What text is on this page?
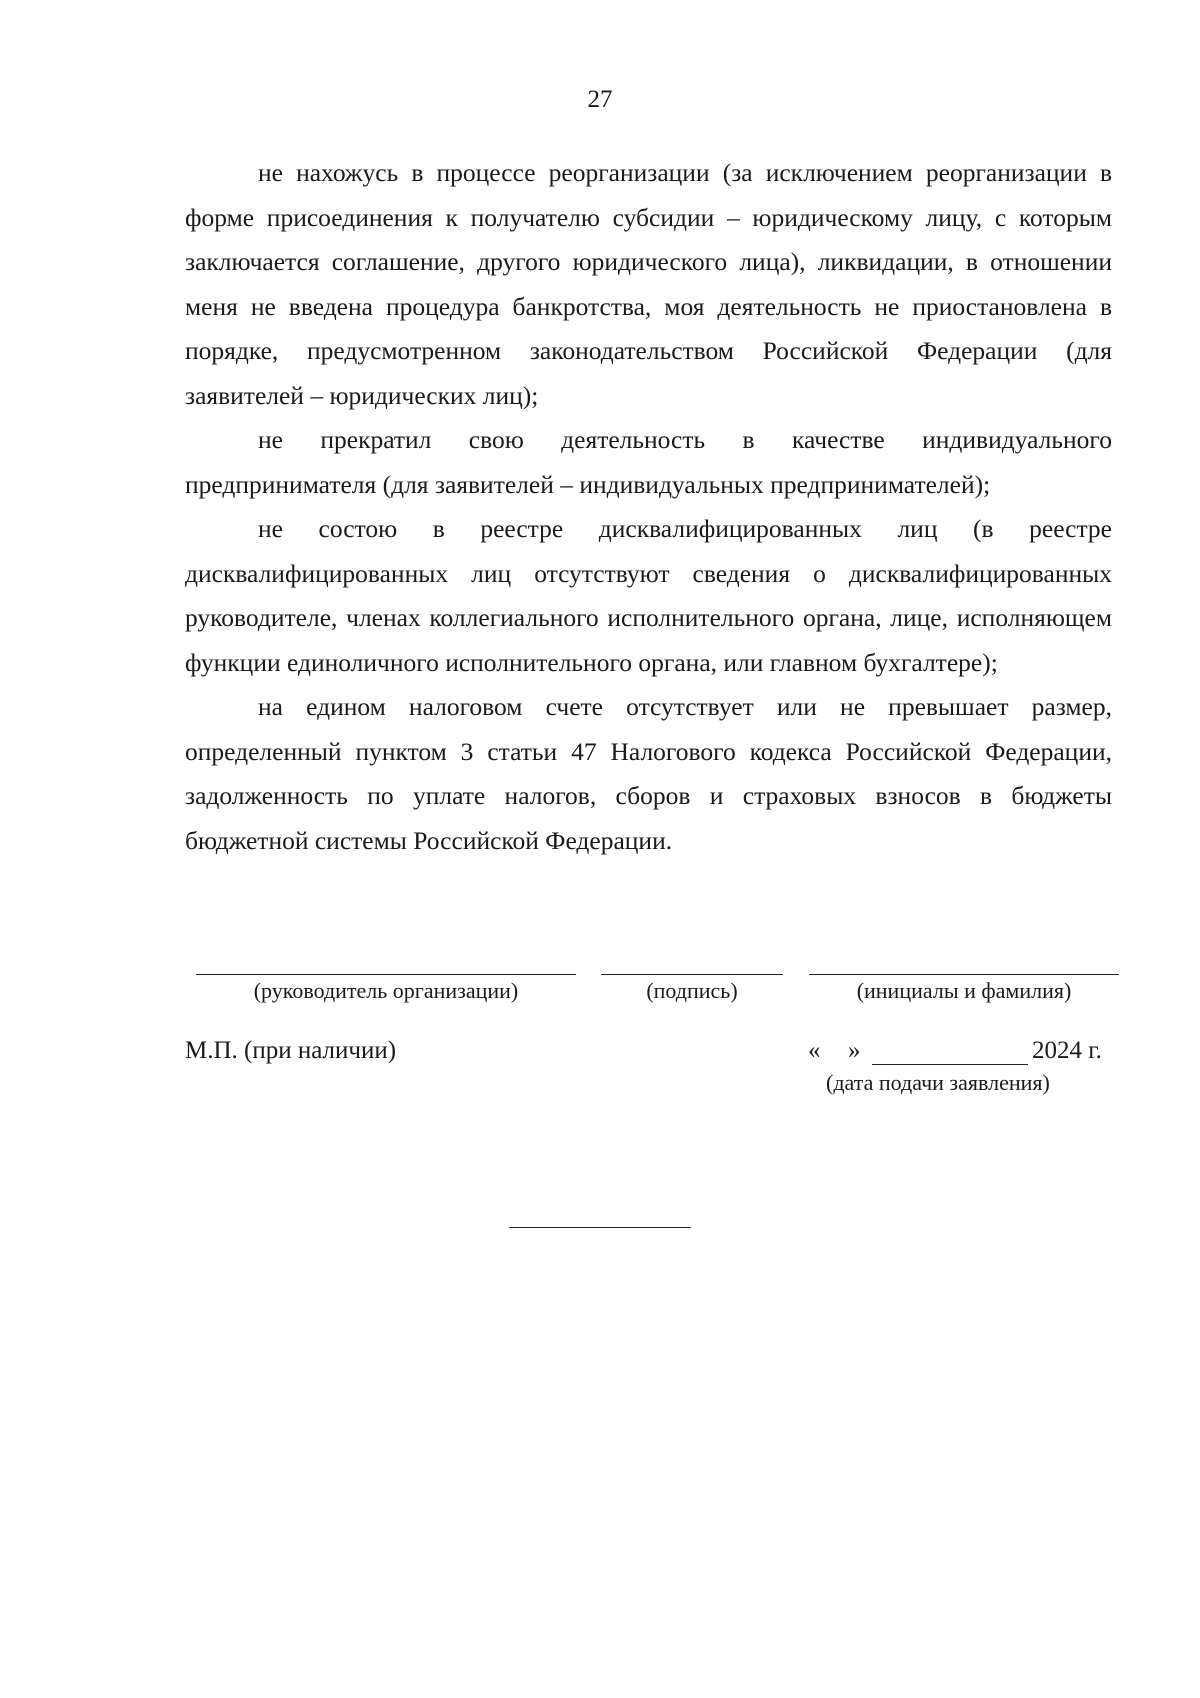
27

не нахожусь в процессе реорганизации (за исключением реорганизации в форме присоединения к получателю субсидии – юридическому лицу, с которым заключается соглашение, другого юридического лица), ликвидации, в отношении меня не введена процедура банкротства, моя деятельность не приостановлена в порядке, предусмотренном законодательством Российской Федерации (для заявителей – юридических лиц);

не прекратил свою деятельность в качестве индивидуального предпринимателя (для заявителей – индивидуальных предпринимателей);

не состою в реестре дисквалифицированных лиц (в реестре дисквалифицированных лиц отсутствуют сведения о дисквалифицированных руководителе, членах коллегиального исполнительного органа, лице, исполняющем функции единоличного исполнительного органа, или главном бухгалтере);

на едином налоговом счете отсутствует или не превышает размер, определенный пунктом 3 статьи 47 Налогового кодекса Российской Федерации, задолженность по уплате налогов, сборов и страховых взносов в бюджеты бюджетной системы Российской Федерации.

(руководитель организации)	(подпись)	(инициалы и фамилия)
М.П. (при наличии)	« »	2024 г.
(дата подачи заявления)
